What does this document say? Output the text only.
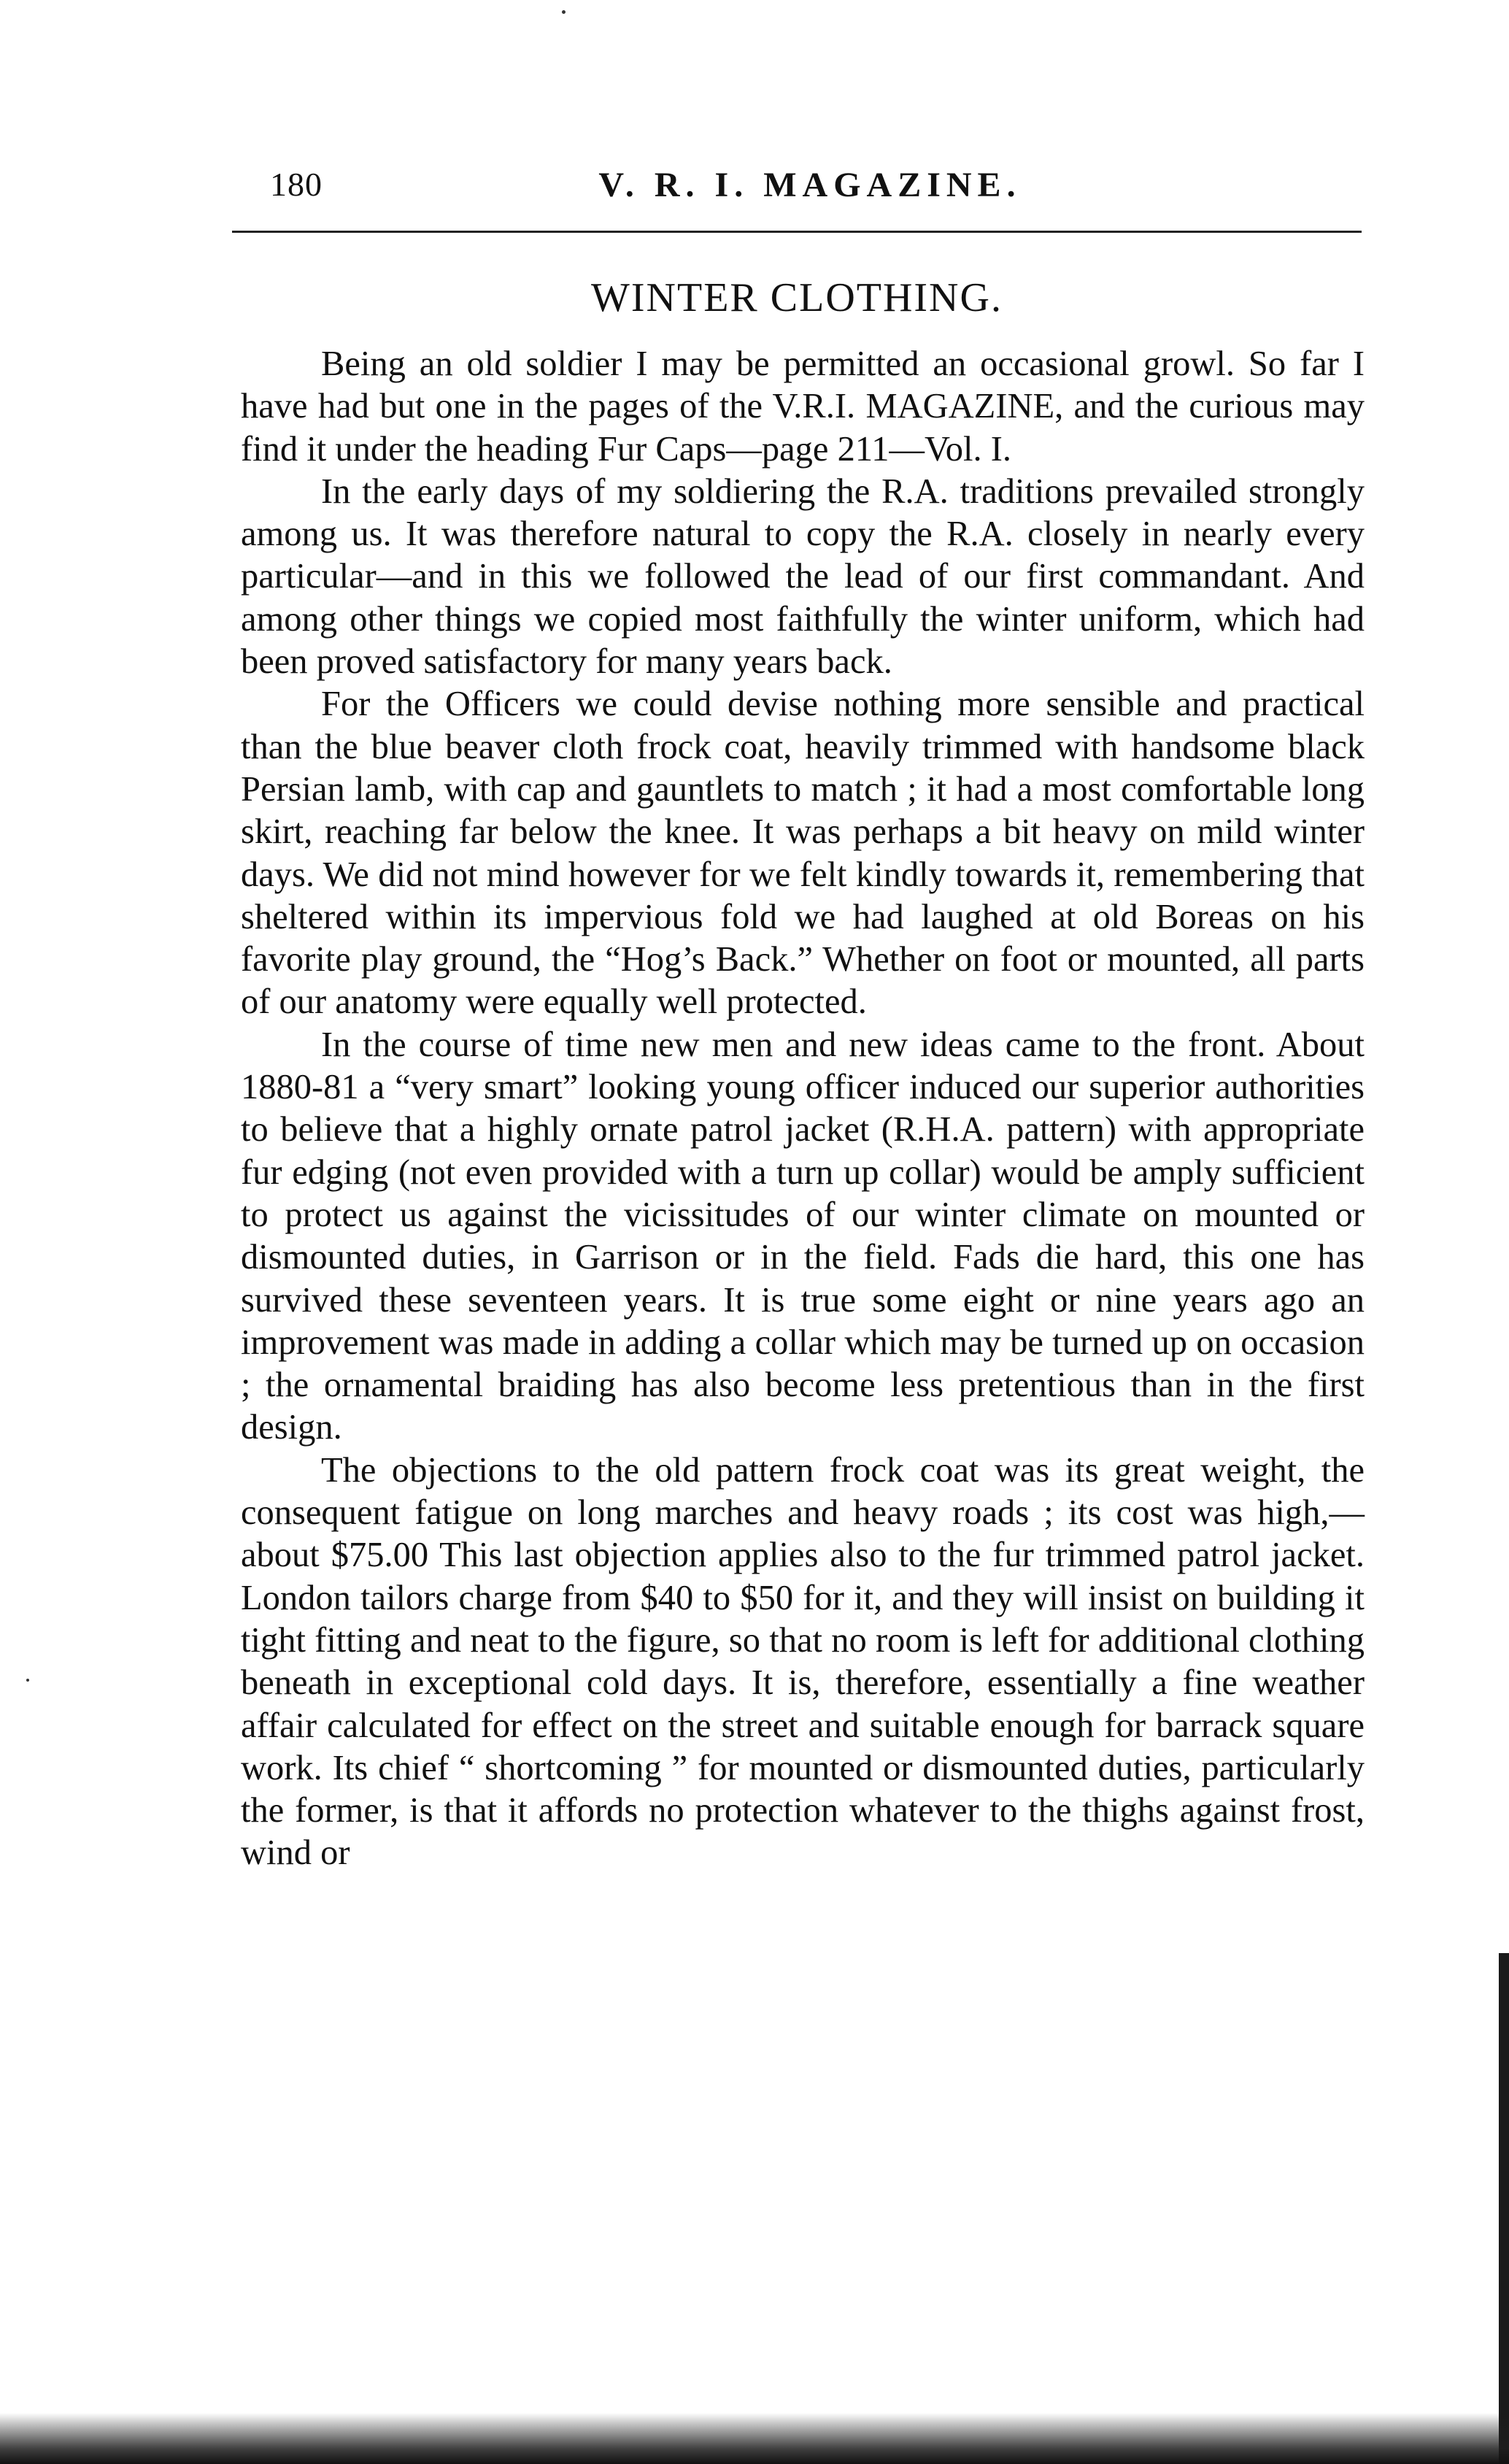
180	V. R. I. MAGAZINE.
WINTER CLOTHING.

Being an old soldier I may be permitted an occasional growl. So far I have had but one in the pages of the V.R.I. MAGAZINE, and the curious may find it under the heading Fur Caps—page 211—Vol. I.

In the early days of my soldiering the R.A. traditions prevailed strongly among us. It was therefore natural to copy the R.A. closely in nearly every particular—and in this we followed the lead of our first commandant. And among other things we copied most faithfully the winter uniform, which had been proved satisfactory for many years back.

For the Officers we could devise nothing more sensible and practical than the blue beaver cloth frock coat, heavily trimmed with handsome black Persian lamb, with cap and gauntlets to match ; it had a most comfortable long skirt, reaching far below the knee. It was perhaps a bit heavy on mild winter days. We did not mind however for we felt kindly towards it, remembering that sheltered within its impervious fold we had laughed at old Boreas on his favorite play ground, the “Hog’s Back.” Whether on foot or mounted, all parts of our anatomy were equally well protected.

In the course of time new men and new ideas came to the front. About 1880-81 a “very smart” looking young officer induced our superior authorities to believe that a highly ornate patrol jacket (R.H.A. pattern) with appropriate fur edging (not even provided with a turn up collar) would be amply sufficient to protect us against the vicissitudes of our winter climate on mounted or dismounted duties, in Garrison or in the field. Fads die hard, this one has survived these seventeen years. It is true some eight or nine years ago an improvement was made in adding a collar which may be turned up on occasion ; the ornamental braiding has also become less pretentious than in the first design.

The objections to the old pattern frock coat was its great weight, the consequent fatigue on long marches and heavy roads ; its cost was high,—about $75.00 This last objection applies also to the fur trimmed patrol jacket. London tailors charge from $40 to $50 for it, and they will insist on building it tight fitting and neat to the figure, so that no room is left for additional clothing beneath in exceptional cold days. It is, therefore, essentially a fine weather affair calculated for effect on the street and suitable enough for barrack square work. Its chief “ shortcoming ” for mounted or dismounted duties, particularly the former, is that it affords no protection whatever to the thighs against frost, wind or
